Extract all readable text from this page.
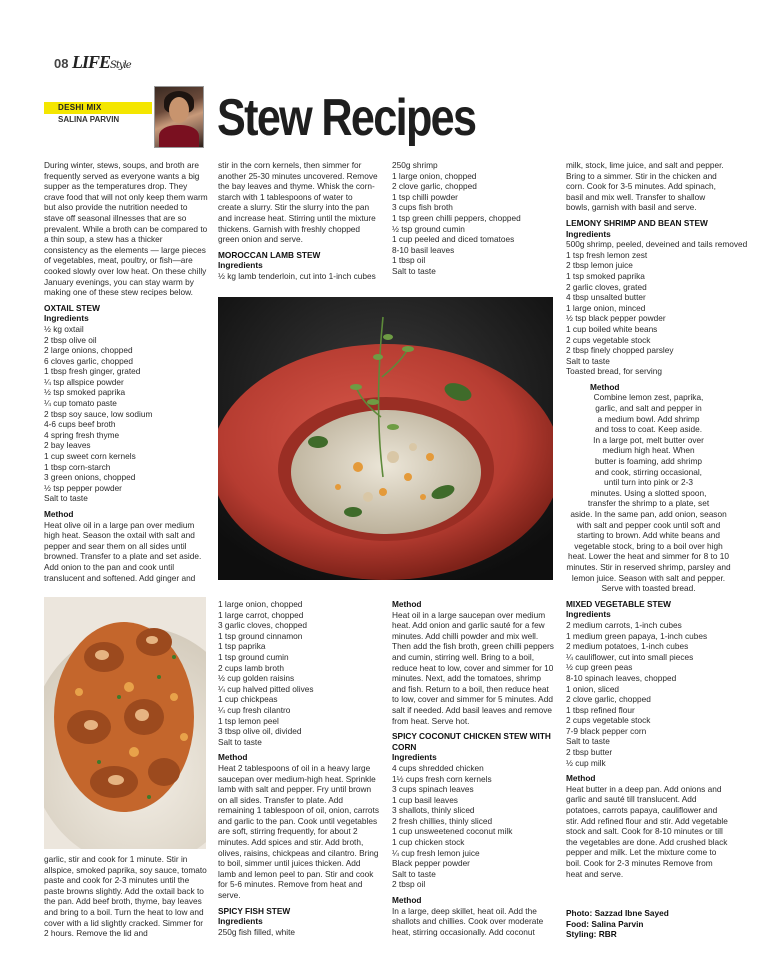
08 LIFEStyle
DESHI MIX
SALINA PARVIN Stew Recipes

During winter, stews, soups, and broth are frequently served as everyone wants a big supper as the temperatures drop. They crave food that will not only keep them warm but also provide the nutrition needed to stave off seasonal illnesses that are so prevalent. While a broth can be compared to a thin soup, a stew has a thicker consistency as the elements — large pieces of vegetables, meat, poultry, or fish—are cooked slowly over low heat. On these chilly January evenings, you can stay warm by making one of these stew recipes below.

OXTAIL STEW

Ingredients

½ kg oxtail
2 tbsp olive oil
2 large onions, chopped
6 cloves garlic, chopped
1 tbsp fresh ginger, grated
¼ tsp allspice powder
½ tsp smoked paprika
¼ cup tomato paste
2 tbsp soy sauce, low sodium
4-6 cups beef broth
4 spring fresh thyme
2 bay leaves
1 cup sweet corn kernels
1 tbsp corn-starch
3 green onions, chopped
½ tsp pepper powder
Salt to taste

Method

Heat olive oil in a large pan over medium high heat. Season the oxtail with salt and pepper and sear them on all sides until browned. Transfer to a plate and set aside. Add onion to the pan and cook until translucent and softened. Add ginger and

garlic, stir and cook for 1 minute. Stir in allspice, smoked paprika, soy sauce, tomato paste and cook for 2-3 minutes until the paste browns slightly. Add the oxtail back to the pan. Add beef broth, thyme, bay leaves and bring to a boil. Turn the heat to low and cover with a lid slightly cracked. Simmer for 2 hours. Remove the lid and

stir in the corn kernels, then simmer for another 25-30 minutes uncovered. Remove the bay leaves and thyme. Whisk the corn-starch with 1 tablespoons of water to create a slurry. Stir the slurry into the pan and increase heat. Stirring until the mixture thickens. Garnish with freshly chopped green onion and serve.

MOROCCAN LAMB STEW

Ingredients

½ kg lamb tenderloin, cut into 1-inch cubes
1 large onion, chopped
1 large carrot, chopped
3 garlic cloves, chopped
1 tsp ground cinnamon
1 tsp paprika
1 tsp ground cumin
2 cups lamb broth
½ cup golden raisins
¼ cup halved pitted olives
1 cup chickpeas
¼ cup fresh cilantro
1 tsp lemon peel
3 tbsp olive oil, divided
Salt to taste

Method

Heat 2 tablespoons of oil in a heavy large saucepan over medium-high heat. Sprinkle lamb with salt and pepper. Fry until brown on all sides. Transfer to plate. Add remaining 1 tablespoon of oil, onion, carrots and garlic to the pan. Cook until vegetables are soft, stirring frequently, for about 2 minutes. Add spices and stir. Add broth, olives, raisins, chickpeas and cilantro. Bring to boil, simmer until juices thicken. Add lamb and lemon peel to pan. Stir and cook for 5-6 minutes. Remove from heat and serve.

SPICY FISH STEW

Ingredients

250g fish filled, white
250g shrimp
1 large onion, chopped
2 clove garlic, chopped
1 tsp chilli powder
3 cups fish broth
1 tsp green chilli peppers, chopped
½ tsp ground cumin
1 cup peeled and diced tomatoes
8-10 basil leaves
1 tbsp oil
Salt to taste

Method

Heat oil in a large saucepan over medium heat. Add onion and garlic sauté for a few minutes. Add chilli powder and mix well. Then add the fish broth, green chilli peppers and cumin, stirring well. Bring to a boil, reduce heat to low, cover and simmer for 10 minutes. Next, add the tomatoes, shrimp and fish. Return to a boil, then reduce heat to low, cover and simmer for 5 minutes. Add salt if needed. Add basil leaves and remove from heat. Serve hot.

SPICY COCONUT CHICKEN STEW WITH CORN

Ingredients

4 cups shredded chicken
1½ cups fresh corn kernels
3 cups spinach leaves
1 cup basil leaves
3 shallots, thinly sliced
2 fresh chillies, thinly sliced
1 cup unsweetened coconut milk
1 cup chicken stock
¼ cup fresh lemon juice
Black pepper powder
Salt to taste
2 tbsp oil

Method

In a large, deep skillet, heat oil. Add the shallots and chillies. Cook over moderate heat, stirring occasionally. Add coconut

milk, stock, lime juice, and salt and pepper. Bring to a simmer. Stir in the chicken and corn. Cook for 3-5 minutes. Add spinach, basil and mix well. Transfer to shallow bowls, garnish with basil and serve.

LEMONY SHRIMP AND BEAN STEW

Ingredients

500g shrimp, peeled, deveined and tails removed
1 tsp fresh lemon zest
2 tbsp lemon juice
1 tsp smoked paprika
2 garlic cloves, grated
4 tbsp unsalted butter
1 large onion, minced
½ tsp black pepper powder
1 cup boiled white beans
2 cups vegetable stock
2 tbsp finely chopped parsley
Salt to taste
Toasted bread, for serving

Method

Combine lemon zest, paprika,
garlic, and salt and pepper in
a medium bowl. Add shrimp
and toss to coat. Keep aside.
In a large pot, melt butter over
medium high heat. When
butter is foaming, add shrimp
and cook, stirring occasional,
until turn into pink or 2-3
minutes. Using a slotted spoon,
transfer the shrimp to a plate, set
aside. In the same pan, add onion, season
with salt and pepper cook until soft and
starting to brown. Add white beans and
vegetable stock, bring to a boil over high
heat. Lower the heat and simmer for 8 to 10
minutes. Stir in reserved shrimp, parsley and
lemon juice. Season with salt and pepper.
Serve with toasted bread.

MIXED VEGETABLE STEW

Ingredients

2 medium carrots, 1-inch cubes
1 medium green papaya, 1-inch cubes
2 medium potatoes, 1-inch cubes
¼ cauliflower, cut into small pieces
½ cup green peas
8-10 spinach leaves, chopped
1 onion, sliced
2 clove garlic, chopped
1 tbsp refined flour
2 cups vegetable stock
7-9 black pepper corn
Salt to taste
2 tbsp butter
½ cup milk

Method

Heat butter in a deep pan. Add onions and garlic and sauté till translucent. Add potatoes, carrots papaya, cauliflower and stir. Add refined flour and stir. Add vegetable stock and salt. Cook for 8-10 minutes or till the vegetables are done. Add crushed black pepper and milk. Let the mixture come to boil. Cook for 2-3 minutes Remove from heat and serve.

Photo: Sazzad Ibne Sayed
Food: Salina Parvin
Styling: RBR
